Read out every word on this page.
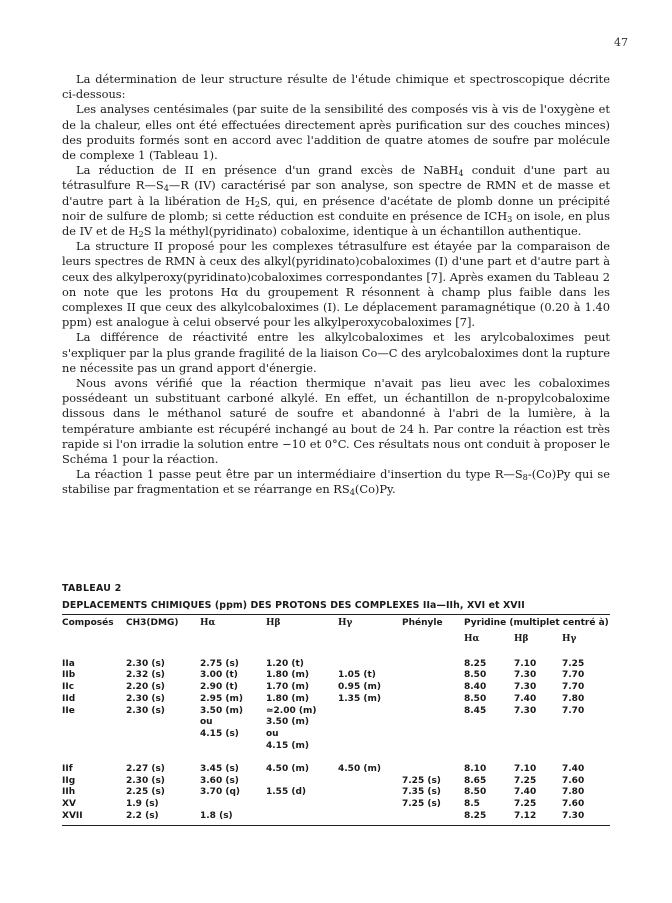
47

La détermination de leur structure résulte de l'étude chimique et spectroscopique décrite ci-dessous:

Les analyses centésimales (par suite de la sensibilité des composés vis à vis de l'oxygène et de la chaleur, elles ont été effectuées directement après purification sur des couches minces) des produits formés sont en accord avec l'addition de quatre atomes de soufre par molécule de complexe 1 (Tableau 1).

La réduction de II en présence d'un grand excès de NaBH$_4$ conduit d'une part au tétrasulfure $R—S_4—R$ (IV) caractérisé par son analyse, son spectre de RMN et de masse et d'autre part à la libération de $H_2S$, qui, en présence d'acétate de plomb donne un précipité noir de sulfure de plomb; si cette réduction est conduite en présence de $ICH_3$ on isole, en plus de IV et de $H_2S$ la méthyl(pyridinato) cobaloxime, identique à un échantillon authentique.

La structure II proposé pour les complexes tétrasulfure est étayée par la comparaison de leurs spectres de RMN à ceux des alkyl(pyridinato)cobaloximes (I) d'une part et d'autre part à ceux des alkylperoxy(pyridinato)cobaloximes correspondantes [7]. Après examen du Tableau 2 on note que les protons Hα du groupement R résonnent à champ plus faible dans les complexes II que ceux des alkylcobaloximes (I). Le déplacement paramagnétique (0.20 à 1.40 ppm) est analogue à celui observé pour les alkylperoxycobaloximes [7].

La différence de réactivité entre les alkylcobaloximes et les arylcobaloximes peut s'expliquer par la plus grande fragilité de la liaison Co—C des arylcobaloximes dont la rupture ne nécessite pas un grand apport d'énergie.

Nous avons vérifié que la réaction thermique n'avait pas lieu avec les cobaloximes possédeant un substituant carboné alkylé. En effet, un échantillon de n-propylcobaloxime dissous dans le méthanol saturé de soufre et abandonné à l'abri de la lumière, à la température ambiante est récupéré inchangé au bout de 24 h. Par contre la réaction est très rapide si l'on irradie la solution entre −10 et 0°C. Ces résultats nous ont conduit à proposer le Schéma 1 pour la réaction.

La réaction 1 passe peut être par un intermédiaire d'insertion du type $R—S_8-(Co)Py$ qui se stabilise par fragmentation et se réarrange en $RS_4(Co)Py$.

TABLEAU 2
DEPLACEMENTS CHIMIQUES (ppm) DES PROTONS DES COMPLEXES IIa—IIh, XVI et XVII
Composés	CH3(DMG)	Hα	Hβ	Hγ	Phényle	Pyridine (multiplet centré à)		
						Hα	Hβ	Hγ

IIa	2.30 (s)	2.75 (s)	1.20 (t)			8.25	7.10	7.25
IIb	2.32 (s)	3.00 (t)	1.80 (m)	1.05 (t)		8.50	7.30	7.70
IIc	2.20 (s)	2.90 (t)	1.70 (m)	0.95 (m)		8.40	7.30	7.70
IId	2.30 (s)	2.95 (m)	1.80 (m)	1.35 (m)		8.50	7.40	7.80
IIe	2.30 (s)	3.50 (m)	≃2.00 (m)			8.45	7.30	7.70
		ou	3.50 (m)					
		4.15 (s)	ou					
			4.15 (m)					

IIf	2.27 (s)	3.45 (s)	4.50 (m)	4.50 (m)		8.10	7.10	7.40
IIg	2.30 (s)	3.60 (s)			7.25 (s)	8.65	7.25	7.60
IIh	2.25 (s)	3.70 (q)	1.55 (d)		7.35 (s)	8.50	7.40	7.80
XV	1.9 (s)				7.25 (s)	8.5	7.25	7.60
XVII	2.2 (s)	1.8 (s)				8.25	7.12	7.30
